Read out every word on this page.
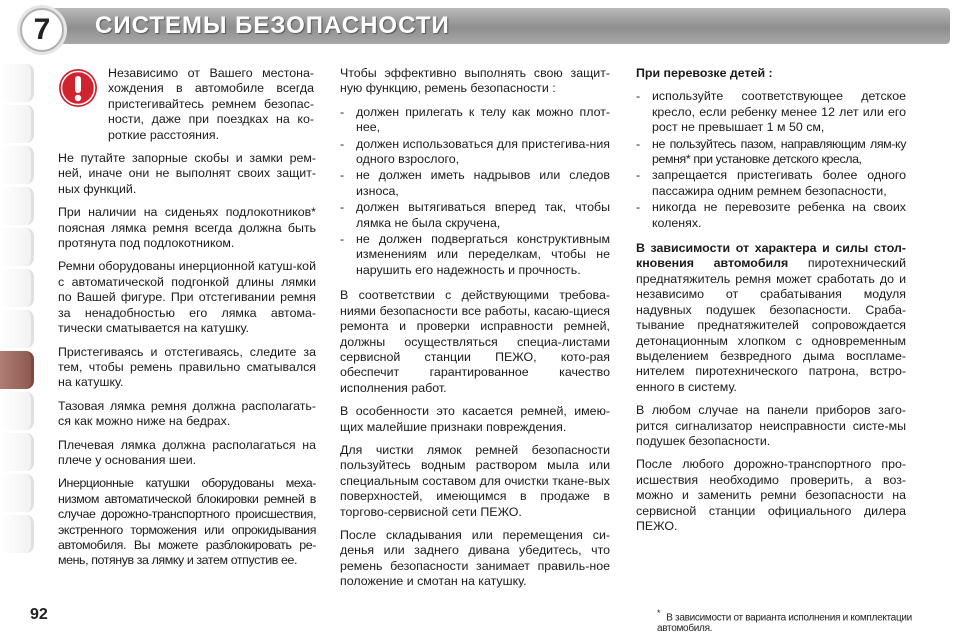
7	СИСТЕМЫ БЕЗОПАСНОСТИ
Независимо от Вашего местона-хождения в автомобиле всегда пристегивайтесь ремнем безопас-ности, даже при поездках на ко-роткие расстояния.

Не путайте запорные скобы и замки рем-ней, иначе они не выполнят своих защит-ных функций.

При наличии на сиденьях подлокотников* поясная лямка ремня всегда должна быть протянута под подлокотником.

Ремни оборудованы инерционной катуш-кой с автоматической подгонкой длины лямки по Вашей фигуре. При отстегивании ремня за ненадобностью его лямка автома-тически сматывается на катушку.

Пристегиваясь и отстегиваясь, следите за тем, чтобы ремень правильно сматывался на катушку.

Тазовая лямка ремня должна располагать-ся как можно ниже на бедрах.

Плечевая лямка должна располагаться на плече у основания шеи.

Инерционные катушки оборудованы меха-низмом автоматической блокировки ремней в случае дорожно-транспортного происшествия, экстренного торможения или опрокидывания автомобиля. Вы можете разблокировать ре-мень, потянув за лямку и затем отпустив ее.

Чтобы эффективно выполнять свою защит-ную функцию, ремень безопасности :

- должен прилегать к телу как можно плот-нее,
- должен использоваться для пристегива-ния одного взрослого,
- не должен иметь надрывов или следов износа,
- должен вытягиваться вперед так, чтобы лямка не была скручена,
- не должен подвергаться конструктивным изменениям или переделкам, чтобы не нарушить его надежность и прочность.

В соответствии с действующими требова-ниями безопасности все работы, касаю-щиеся ремонта и проверки исправности ремней, должны осуществляться специа-листами сервисной станции ПЕЖО, кото-рая обеспечит гарантированное качество исполнения работ.

В особенности это касается ремней, имею-щих малейшие признаки повреждения.

Для чистки лямок ремней безопасности пользуйтесь водным раствором мыла или специальным составом для очистки ткане-вых поверхностей, имеющимся в продаже в торгово-сервисной сети ПЕЖО.

После складывания или перемещения си-денья или заднего дивана убедитесь, что ремень безопасности занимает правиль-ное положение и смотан на катушку.

При перевозке детей :

- используйте соответствующее детское кресло, если ребенку менее 12 лет или его рост не превышает 1 м 50 см,
- не пользуйтесь пазом, направляющим лям-ку ремня* при установке детского кресла,
- запрещается пристегивать более одного пассажира одним ремнем безопасности,
- никогда не перевозите ребенка на своих коленях.

В зависимости от характера и силы стол-кновения автомобиля пиротехнический преднатяжитель ремня может сработать до и независимо от срабатывания модуля надувных подушек безопасности. Сраба-тывание преднатяжителей сопровождается детонационным хлопком с одновременным выделением безвредного дыма воспламе-нителем пиротехнического патрона, встро-енного в систему.

В любом случае на панели приборов заго-рится сигнализатор неисправности систе-мы подушек безопасности.

После любого дорожно-транспортного про-исшествия необходимо проверить, а воз-можно и заменить ремни безопасности на сервисной станции официального дилера ПЕЖО.

92	* В зависимости от варианта исполнения и комплектации автомобиля.
